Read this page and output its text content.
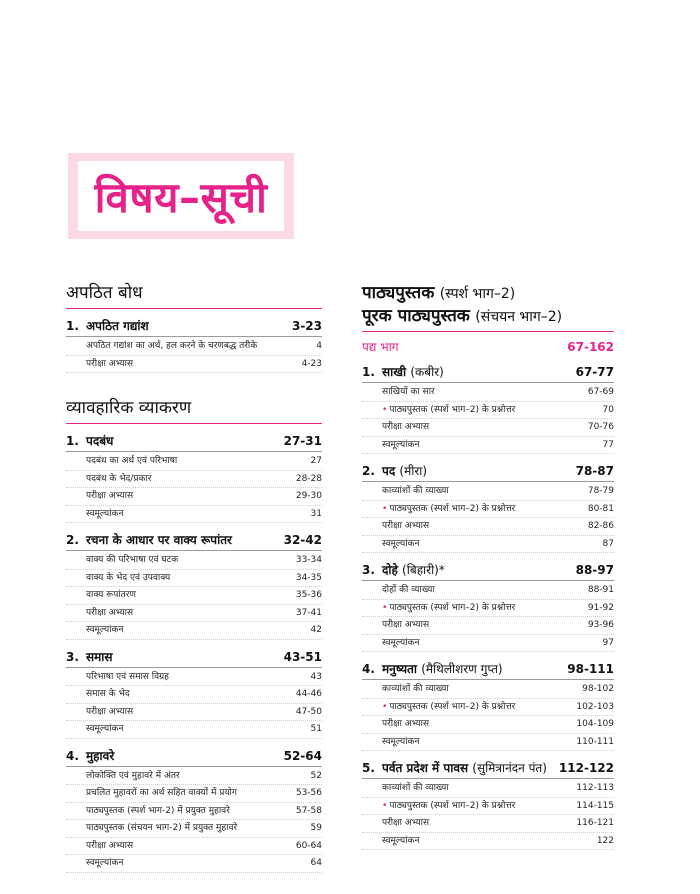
विषय–सूची
अपठित बोध
1. अपठित गद्यांश	3-23
अपठित गद्यांश का अर्थ, हल करने के चरणबद्ध तरीके	4
परीक्षा अभ्यास	4-23
व्यावहारिक व्याकरण
1. पदबंध	27-31
पदबंध का अर्थ एवं परिभाषा	27
पदबंध के भेद/प्रकार	28-28
परीक्षा अभ्यास	29-30
स्वमूल्यांकन	31
2. रचना के आधार पर वाक्य रूपांतर	32-42
वाक्य की परिभाषा एवं घटक	33-34
वाक्य के भेद एवं उपवाक्य	34-35
वाक्य रूपांतरण	35-36
परीक्षा अभ्यास	37-41
स्वमूल्यांकन	42
3. समास	43-51
परिभाषा एवं समास विग्रह	43
समास के भेद	44-46
परीक्षा अभ्यास	47-50
स्वमूल्यांकन	51
4. मुहावरे	52-64
लोकोक्ति एवं मुहावरे में अंतर	52
प्रचलित मुहावरों का अर्थ सहित वाक्यों में प्रयोग	53-56
पाठ्यपुस्तक (स्पर्श भाग-2) में प्रयुक्त मुहावरे	57-58
पाठ्यपुस्तक (संचयन भाग-2) में प्रयुक्त मुहावरे	59
परीक्षा अभ्यास	60-64
स्वमूल्यांकन	64
पाठ्यपुस्तक (स्पर्श भाग–2)
पूरक पाठ्यपुस्तक (संचयन भाग–2)
पद्य भाग	67-162
1. साखी (कबीर)	67-77
साखियों का सार	67-69
• पाठ्यपुस्तक (स्पर्श भाग–2) के प्रश्नोत्तर	70
परीक्षा अभ्यास	70-76
स्वमूल्यांकन	77
2. पद (मीरा)	78-87
काव्यांशों की व्याख्या	78-79
• पाठ्यपुस्तक (स्पर्श भाग–2) के प्रश्नोत्तर	80-81
परीक्षा अभ्यास	82-86
स्वमूल्यांकन	87
3. दोहे (बिहारी)*	88-97
दोहों की व्याख्या	88-91
• पाठ्यपुस्तक (स्पर्श भाग–2) के प्रश्नोत्तर	91-92
परीक्षा अभ्यास	93-96
स्वमूल्यांकन	97
4. मनुष्यता (मैथिलीशरण गुप्त)	98-111
काव्यांशों की व्याख्या	98-102
• पाठ्यपुस्तक (स्पर्श भाग–2) के प्रश्नोत्तर	102-103
परीक्षा अभ्यास	104-109
स्वमूल्यांकन	110-111
5. पर्वत प्रदेश में पावस (सुमित्रानंदन पंत) 112-122
काव्यांशों की व्याख्या	112-113
• पाठ्यपुस्तक (स्पर्श भाग–2) के प्रश्नोत्तर	114-115
परीक्षा अभ्यास	116-121
स्वमूल्यांकन	122
